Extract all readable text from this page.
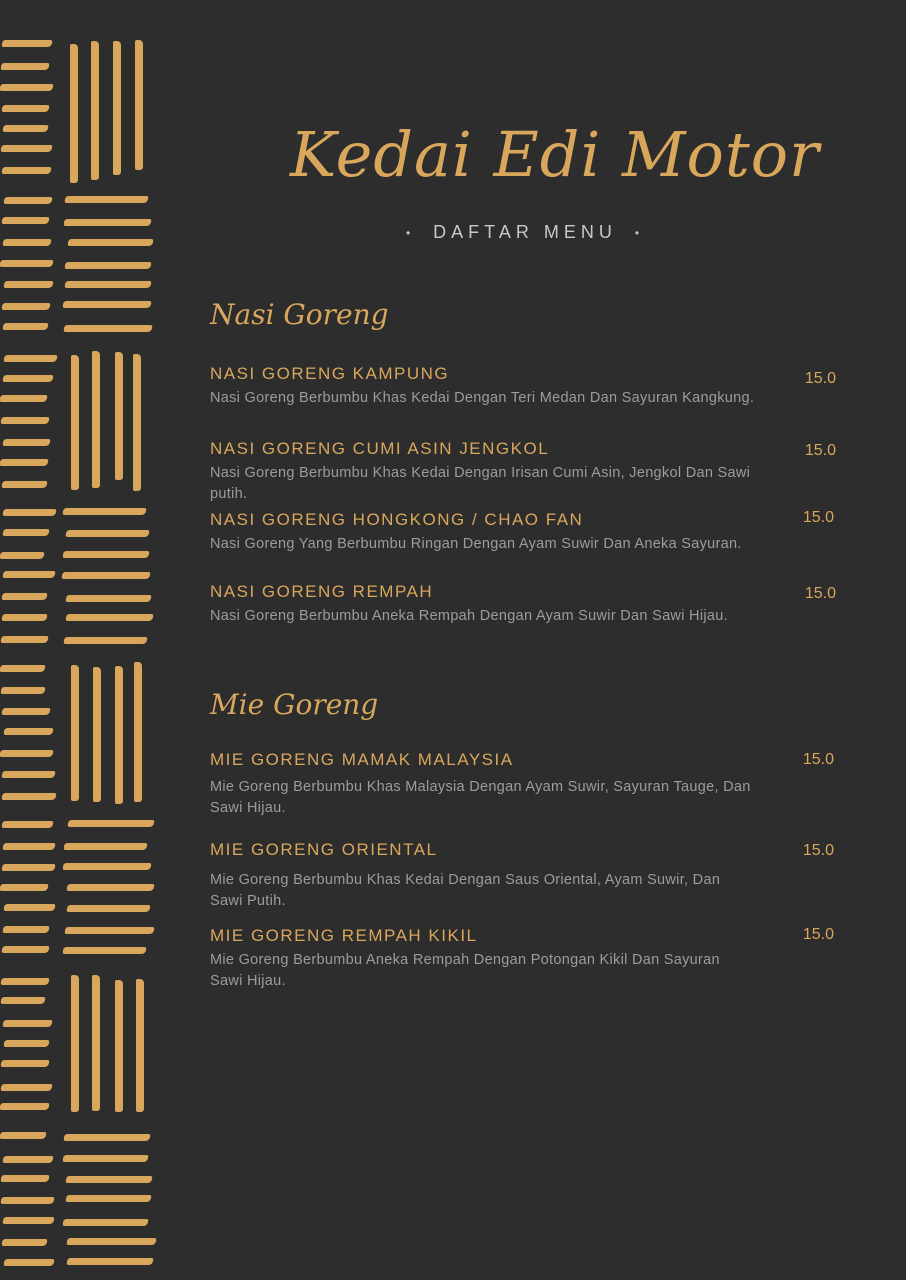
Kedai Edi Motor
• DAFTAR MENU •
Nasi Goreng
15.0
NASI GORENG KAMPUNG
Nasi Goreng Berbumbu Khas Kedai Dengan Teri Medan Dan Sayuran Kangkung.
15.0
NASI GORENG CUMI ASIN JENGKOL
Nasi Goreng Berbumbu Khas Kedai Dengan Irisan Cumi Asin, Jengkol Dan Sawi putih.
15.0
NASI GORENG HONGKONG / CHAO FAN
Nasi Goreng Yang Berbumbu Ringan Dengan Ayam Suwir Dan Aneka Sayuran.
15.0
NASI GORENG REMPAH
Nasi Goreng Berbumbu Aneka Rempah Dengan Ayam Suwir Dan Sawi Hijau.
Mie Goreng
15.0
MIE GORENG MAMAK MALAYSIA
Mie Goreng Berbumbu Khas Malaysia Dengan Ayam Suwir, Sayuran Tauge, Dan Sawi Hijau.
15.0
MIE GORENG ORIENTAL
Mie Goreng Berbumbu Khas Kedai Dengan Saus Oriental, Ayam Suwir, Dan Sawi Putih.
15.0
MIE GORENG REMPAH KIKIL
Mie Goreng Berbumbu Aneka Rempah Dengan Potongan Kikil Dan Sayuran Sawi Hijau.
